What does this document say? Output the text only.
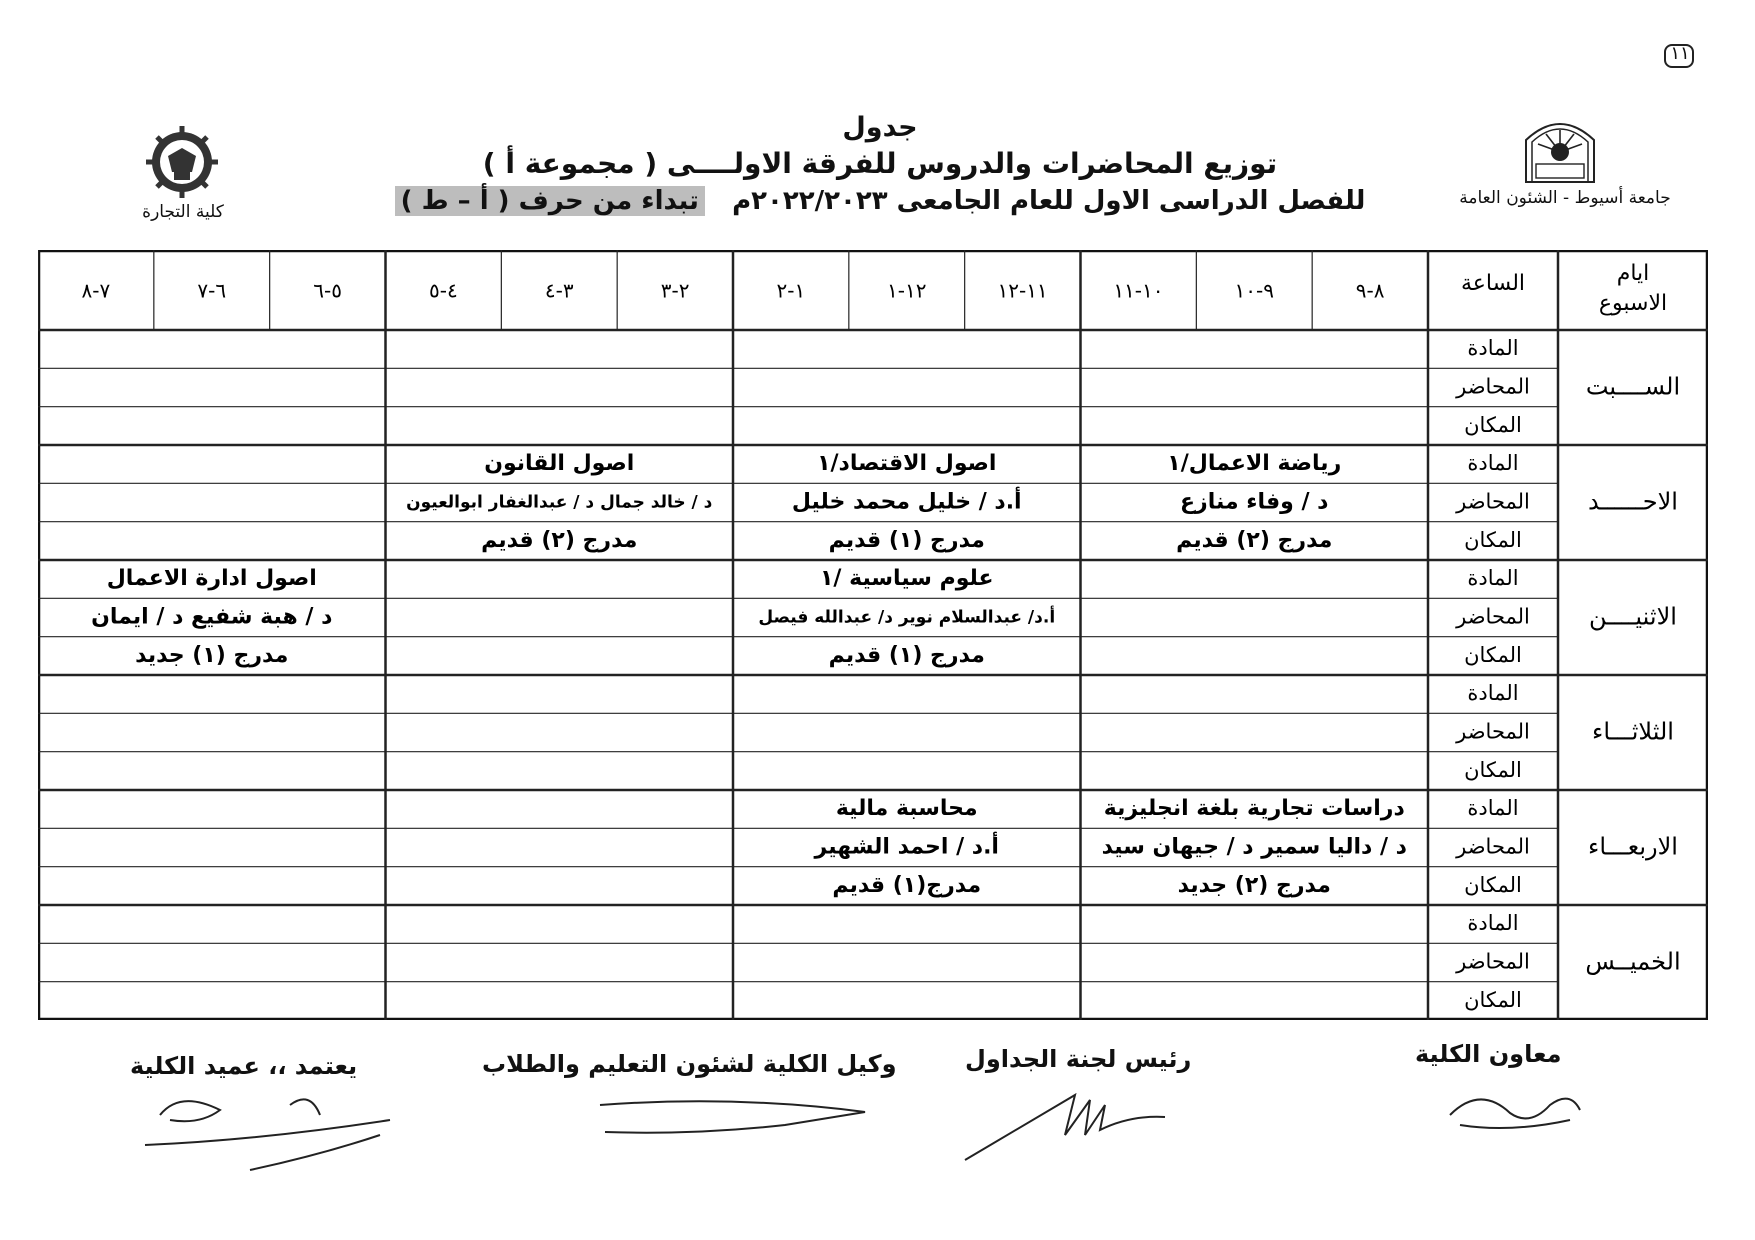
١١
جدول
توزيع المحاضرات والدروس للفرقة الاولــــى ( مجموعة أ )
للفصل الدراسى الاول للعام الجامعى ٢٠٢٢/٢٠٢٣م   تبداء من حرف ( أ – ط )	جامعة أسيوط - الشئون العامة
كلية التجارة
ايام
الاسبوع
الساعة
٨-٩
٩-١٠
١٠-١١
١١-١٢
١٢-١
١-٢
٢-٣
٣-٤
٤-٥
٥-٦
٦-٧
٧-٨
الســــبت
المادة
المحاضر
المكان
الاحــــــد
المادة
المحاضر
المكان
رياضة الاعمال/١
د / وفاء منازع
مدرج (٢) قديم
اصول الاقتصاد/١
أ.د / خليل محمد خليل
مدرج (١) قديم
اصول القانون
د / خالد جمال د / عبدالغفار ابوالعيون
مدرج (٢) قديم
الاثنيــــن
المادة
المحاضر
المكان
علوم سياسية /١
أ.د/ عبدالسلام نوير د/ عبدالله فيصل
مدرج (١) قديم
اصول ادارة الاعمال
د / هبة شفيع د / ايمان
مدرج (١) جديد
الثلاثـــاء
المادة
المحاضر
المكان
الاربعـــاء
المادة
المحاضر
المكان
دراسات تجارية بلغة انجليزية
د / داليا سمير د / جيهان سيد
مدرج (٢) جديد
محاسبة مالية
أ.د / احمد الشهير
مدرج(١) قديم
الخميــس
المادة
المحاضر
المكان
معاون الكلية
رئيس لجنة الجداول
وكيل الكلية لشئون التعليم والطلاب
يعتمد ،، عميد الكلية
